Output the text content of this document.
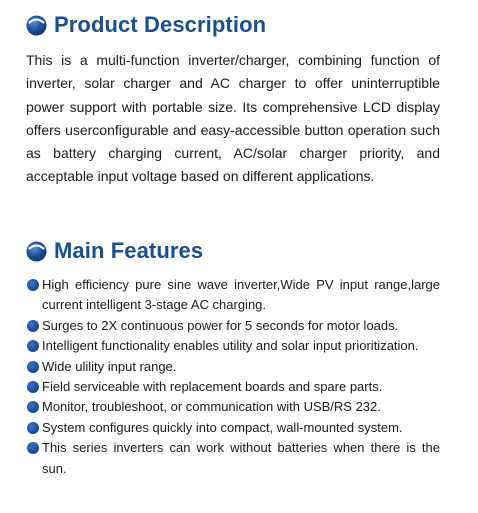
Product Description

This is a multi-function inverter/charger, combining function of inverter, solar charger and AC charger to offer uninterruptible power support with portable size. Its comprehensive LCD display offers userconfigurable and easy-accessible button operation such as battery charging current, AC/solar charger priority, and acceptable input voltage based on different applications.

Main Features
High efficiency pure sine wave inverter,Wide PV input range,large current intelligent 3-stage AC charging.
Surges to 2X continuous power for 5 seconds for motor loads.
Intelligent functionality enables utility and solar input prioritization.
Wide ulility input range.
Field serviceable with replacement boards and spare parts.
Monitor, troubleshoot, or communication with USB/RS 232.
System configures quickly into compact, wall-mounted system.
This series inverters can work without batteries when there is the sun.
